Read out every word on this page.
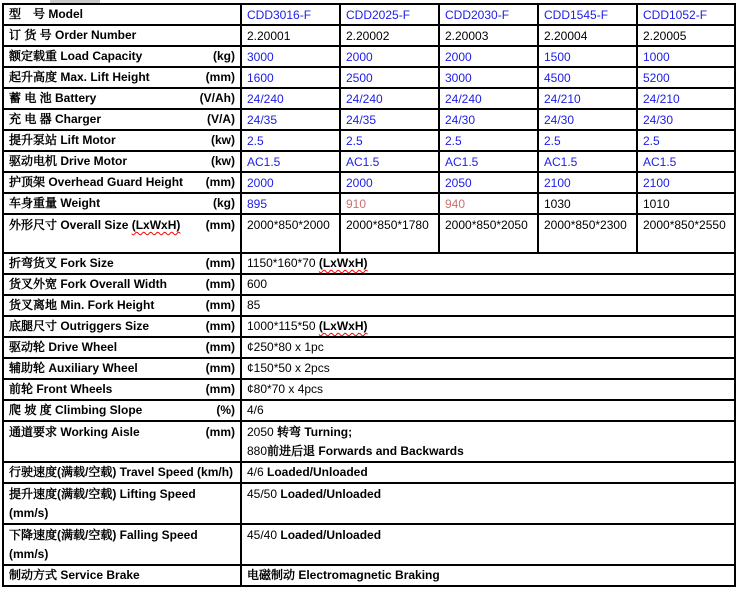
型　号 Model	CDD3016-F	CDD2025-F	CDD2030-F	CDD1545-F	CDD1052-F

订 货 号 Order Number	2.20001	2.20002	2.20003	2.20004	2.20005

额定载重 Load Capacity (kg)	3000	2000	2000	1500	1000

起升高度 Max. Lift Height (mm)	1600	2500	3000	4500	5200

蓄 电 池 Battery (V/Ah)	24/240	24/240	24/240	24/210	24/210

充 电 器 Charger (V/A)	24/35	24/35	24/30	24/30	24/30

提升泵站 Lift Motor (kw)	2.5	2.5	2.5	2.5	2.5

驱动电机 Drive Motor (kw)	AC1.5	AC1.5	AC1.5	AC1.5	AC1.5

护顶架 Overhead Guard Height (mm)	2000	2000	2050	2100	2100

车身重量 Weight (kg)	895	910	940	1030	1010

外形尺寸 Overall Size (LxWxH) (mm)	2000*850*2000	2000*850*1780	2000*850*2050	2000*850*2300	2000*850*2550

折弯货叉 Fork Size (mm)	1150*160*70 (LxWxH)				

货叉外宽 Fork Overall Width (mm)	600				

货叉离地 Min. Fork Height (mm)	85				

底腿尺寸 Outriggers Size (mm)	1000*115*50 (LxWxH)				

驱动轮 Drive Wheel (mm)	¢250*80 x 1pc				

辅助轮 Auxiliary Wheel (mm)	¢150*50 x 2pcs				

前轮 Front Wheels (mm)	¢80*70 x 4pcs				

爬 坡 度 Climbing Slope (%)	4/6				

通道要求 Working Aisle	(mm)	2050 转弯 Turning;
880前进后退 Forwards and Backwards

行驶速度(满载/空载) Travel Speed (km/h)	4/6 Loaded/Unloaded				

提升速度(满载/空载) Lifting Speed
(mm/s)	45/50 Loaded/Unloaded				

下降速度(满载/空载) Falling Speed
(mm/s)	45/40 Loaded/Unloaded				

制动方式 Service Brake	电磁制动 Electromagnetic Braking				
